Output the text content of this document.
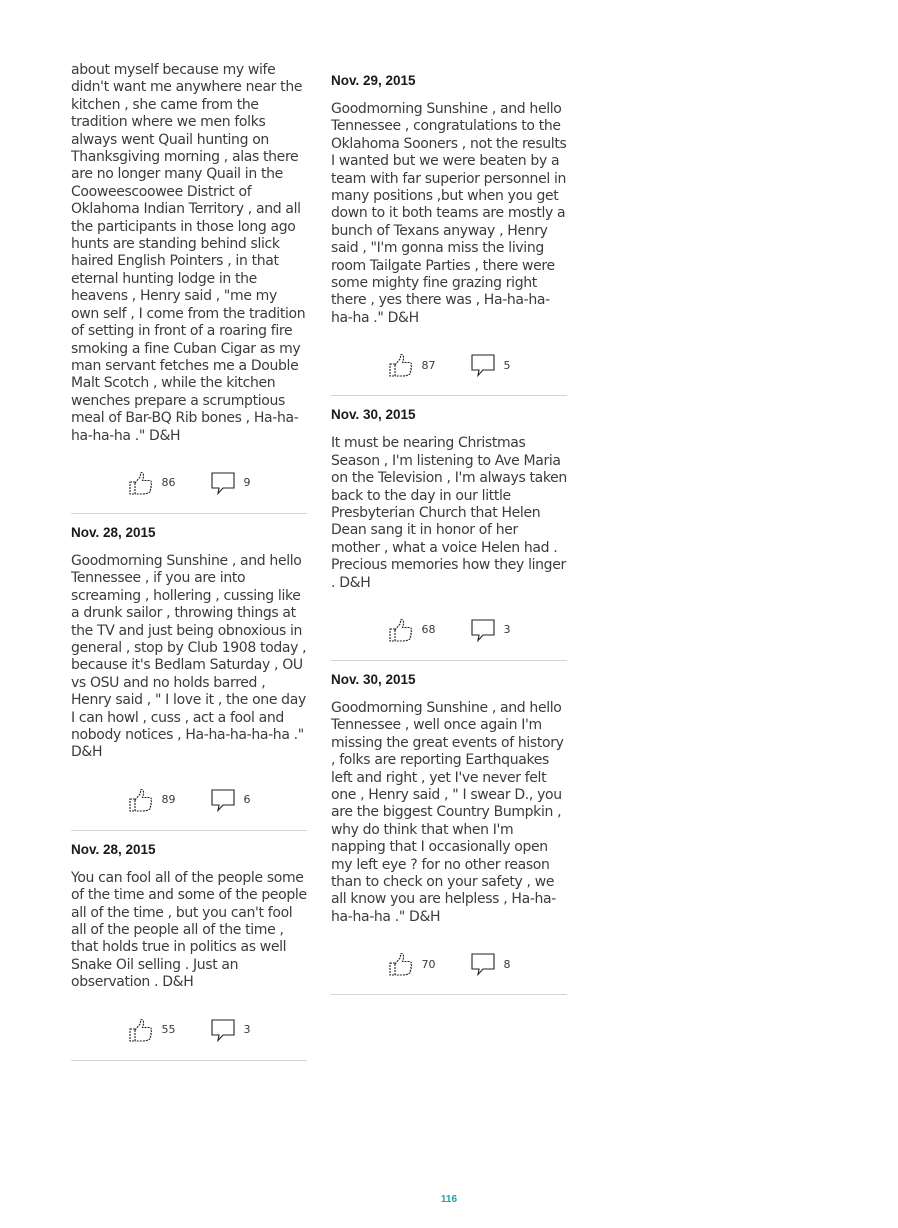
about myself because my wife didn't want me anywhere near the kitchen , she came from the tradition where we men folks always went Quail hunting on Thanksgiving morning , alas there are no longer many Quail in the Cooweescoowee District of Oklahoma Indian Territory , and all the participants in those long ago hunts are standing behind slick haired English Pointers , in that eternal hunting lodge in the heavens , Henry said , "me my own self , I come from the tradition of setting in front of a roaring fire smoking a fine Cuban Cigar as my man servant fetches me a Double Malt Scotch , while the kitchen wenches prepare a scrumptious meal of Bar-BQ Rib bones , Ha-ha-ha-ha-ha ." D&H

86	9
Nov. 28, 2015

Goodmorning Sunshine , and hello Tennessee , if you are into screaming , hollering , cussing like a drunk sailor , throwing things at the TV and just being obnoxious in general , stop by Club 1908 today , because it's Bedlam Saturday , OU vs OSU and no holds barred , Henry said , " I love it , the one day I can howl , cuss , act a fool and nobody notices , Ha-ha-ha-ha-ha ." D&H

89	6
Nov. 28, 2015

You can fool all of the people some of the time and some of the people all of the time , but you can't fool all of the people all of the time , that holds true in politics as well Snake Oil selling . Just an observation . D&H

55	3
Nov. 29, 2015

Goodmorning Sunshine , and hello Tennessee , congratulations to the Oklahoma Sooners , not the results I wanted but we were beaten by a team with far superior personnel in many positions ,but when you get down to it both teams are mostly a bunch of Texans anyway , Henry said , "I'm gonna miss the living room Tailgate Parties , there were some mighty fine grazing right there , yes there was , Ha-ha-ha-ha-ha ." D&H

87	5
Nov. 30, 2015

It must be nearing Christmas Season , I'm listening to Ave Maria on the Television , I'm always taken back to the day in our little Presbyterian Church that Helen Dean sang it in honor of her mother , what a voice Helen had . Precious memories how they linger . D&H

68	3
Nov. 30, 2015

Goodmorning Sunshine , and hello Tennessee , well once again I'm missing the great events of history , folks are reporting Earthquakes left and right , yet I've never felt one , Henry said , " I swear D., you are the biggest Country Bumpkin , why do think that when I'm napping that I occasionally open my left eye ? for no other reason than to check on your safety , we all know you are helpless , Ha-ha-ha-ha-ha ." D&H

70	8
116
